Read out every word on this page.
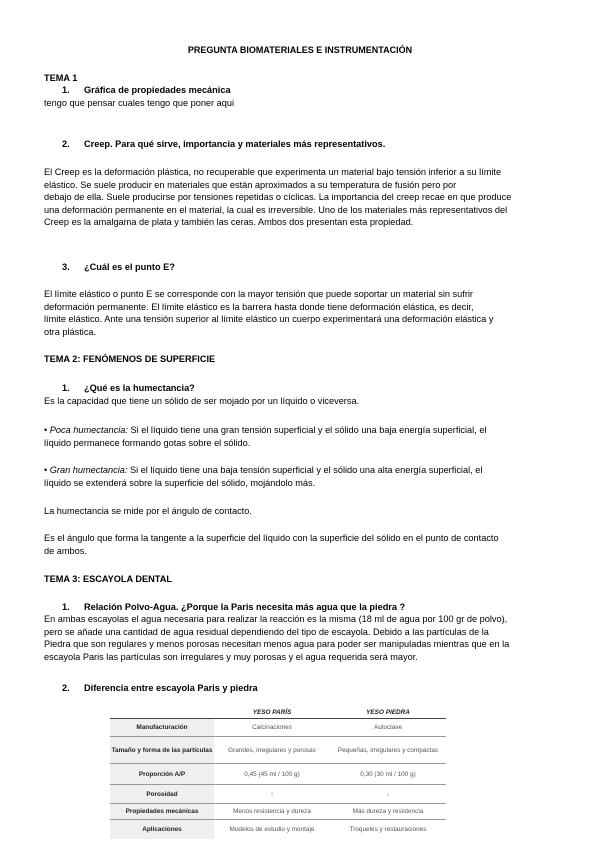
PREGUNTA BIOMATERIALES E INSTRUMENTACIÓN
TEMA 1
1. Gráfica de propiedades mecánica
tengo que pensar cuales tengo que poner aqui
2. Creep. Para qué sirve, importancia y materiales más representativos.
El Creep es la deformación plástica, no recuperable que experimenta un material bajo tensión inferior a su límite
elástico. Se suele producir en materiales que están aproximados a su temperatura de fusión pero por
debajo de ella. Suele producirse por tensiones repetidas o cíclicas. La importancia del creep recae en que produce
una deformación permanente en el material, la cual es irreversible. Uno de los materiales más representativos del
Creep es la amalgama de plata y también las ceras. Ambos dos presentan esta propiedad.
3. ¿Cuál es el punto E?
El límite elástico o punto E se corresponde con la mayor tensión que puede soportar un material sin sufrir
deformación permanente. El límite elástico es la barrera hasta donde tiene deformación elástica, es decir,
límite elástico. Ante una tensión superior al límite elástico un cuerpo experimentará una deformación elástica y
otra plástica.
TEMA 2: FENÓMENOS DE SUPERFICIE
1. ¿Qué es la humectancia?
Es la capacidad que tiene un sólido de ser mojado por un líquido o viceversa.
• Poca humectancia: Si el líquido tiene una gran tensión superficial y el sólido una baja energía superficial, el
líquido permanece formando gotas sobre el sólido.
• Gran humectancia: Si el líquido tiene una baja tensión superficial y el sólido una alta energía superficial, el
líquido se extenderá sobre la superficie del sólido, mojándolo más.
La humectancia se mide por el ángulo de contacto.
Es el ángulo que forma la tangente a la superficie del líquido con la superficie del sólido en el punto de contacto
de ambos.
TEMA 3: ESCAYOLA DENTAL
1. Relación Polvo-Agua. ¿Porque la Paris necesita más agua que la piedra ?
En ambas escayolas el agua necesaria para realizar la reacción es la misma (18 ml de agua por 100 gr de polvo),
pero se añade una cantidad de agua residual dependiendo del tipo de escayola. Debido a las partículas de la
Piedra que son regulares y menos porosas necesitan menos agua para poder ser manipuladas mientras que en la
escayola Paris las partículas son irregulares y muy porosas y el agua requerida será mayor.
2. Diferencia entre escayola Paris y piedra
	YESO PARÍS	YESO PIEDRA
Manufacturación	Calcinaciones	Autoclave
Tamaño y forma de las partículas	Grandes, irregulares y porosas	Pequeñas, irregulares y compactas
Proporción A/P	0,45 (45 ml / 100 g)	0,30 (30 ml / 100 g)
Porosidad	↑	↓
Propiedades mecánicas	Menos resistencia y dureza	Más dureza y resistencia
Aplicaciones	Modelos de estudio y montaje	Troqueles y restauraciones
